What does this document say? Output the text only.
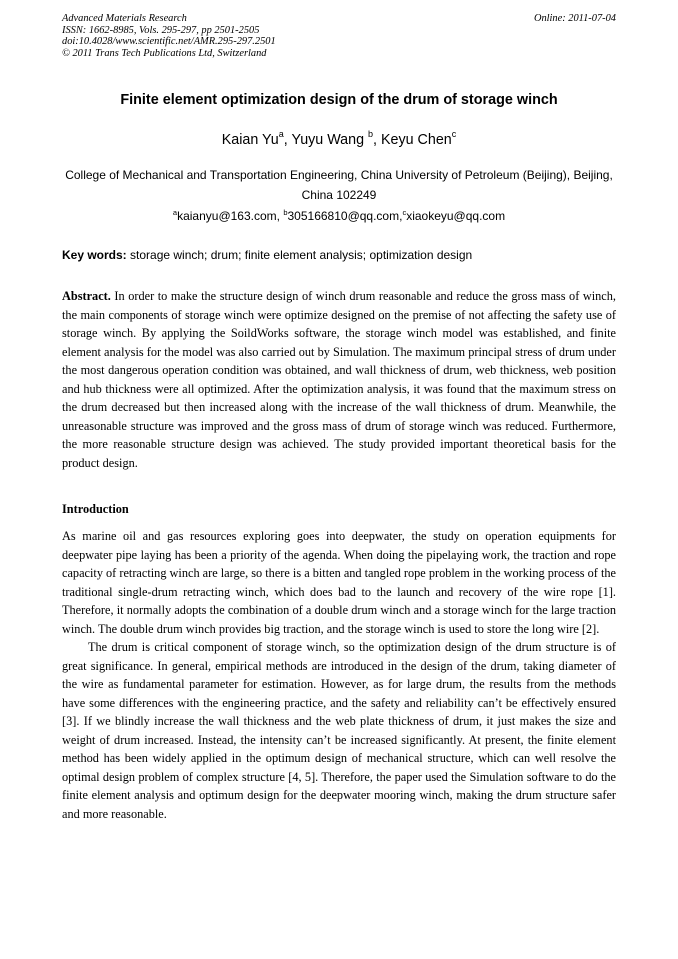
Advanced Materials Research
ISSN: 1662-8985, Vols. 295-297, pp 2501-2505
doi:10.4028/www.scientific.net/AMR.295-297.2501
© 2011 Trans Tech Publications Ltd, Switzerland
Online: 2011-07-04
Finite element optimization design of the drum of storage winch
Kaian Yu$^a$, Yuyu Wang $^b$, Keyu Chen$^c$
College of Mechanical and Transportation Engineering, China University of Petroleum (Beijing), Beijing, China 102249
$^a$kaianyu@163.com, $^b$305166810@qq.com,$^c$xiaokeyu@qq.com
Key words: storage winch; drum; finite element analysis; optimization design
Abstract. In order to make the structure design of winch drum reasonable and reduce the gross mass of winch, the main components of storage winch were optimize designed on the premise of not affecting the safety use of storage winch. By applying the SoildWorks software, the storage winch model was established, and finite element analysis for the model was also carried out by Simulation. The maximum principal stress of drum under the most dangerous operation condition was obtained, and wall thickness of drum, web thickness, web position and hub thickness were all optimized. After the optimization analysis, it was found that the maximum stress on the drum decreased but then increased along with the increase of the wall thickness of drum. Meanwhile, the unreasonable structure was improved and the gross mass of drum of storage winch was reduced. Furthermore, the more reasonable structure design was achieved. The study provided important theoretical basis for the product design.
Introduction

As marine oil and gas resources exploring goes into deepwater, the study on operation equipments for deepwater pipe laying has been a priority of the agenda. When doing the pipelaying work, the traction and rope capacity of retracting winch are large, so there is a bitten and tangled rope problem in the working process of the traditional single-drum retracting winch, which does bad to the launch and recovery of the wire rope [1]. Therefore, it normally adopts the combination of a double drum winch and a storage winch for the large traction winch. The double drum winch provides big traction, and the storage winch is used to store the long wire [2].

The drum is critical component of storage winch, so the optimization design of the drum structure is of great significance. In general, empirical methods are introduced in the design of the drum, taking diameter of the wire as fundamental parameter for estimation. However, as for large drum, the results from the methods have some differences with the engineering practice, and the safety and reliability can’t be effectively ensured [3]. If we blindly increase the wall thickness and the web plate thickness of drum, it just makes the size and weight of drum increased. Instead, the intensity can’t be increased significantly. At present, the finite element method has been widely applied in the optimum design of mechanical structure, which can well resolve the optimal design problem of complex structure [4, 5]. Therefore, the paper used the Simulation software to do the finite element analysis and optimum design for the deepwater mooring winch, making the drum structure safer and more reasonable.
